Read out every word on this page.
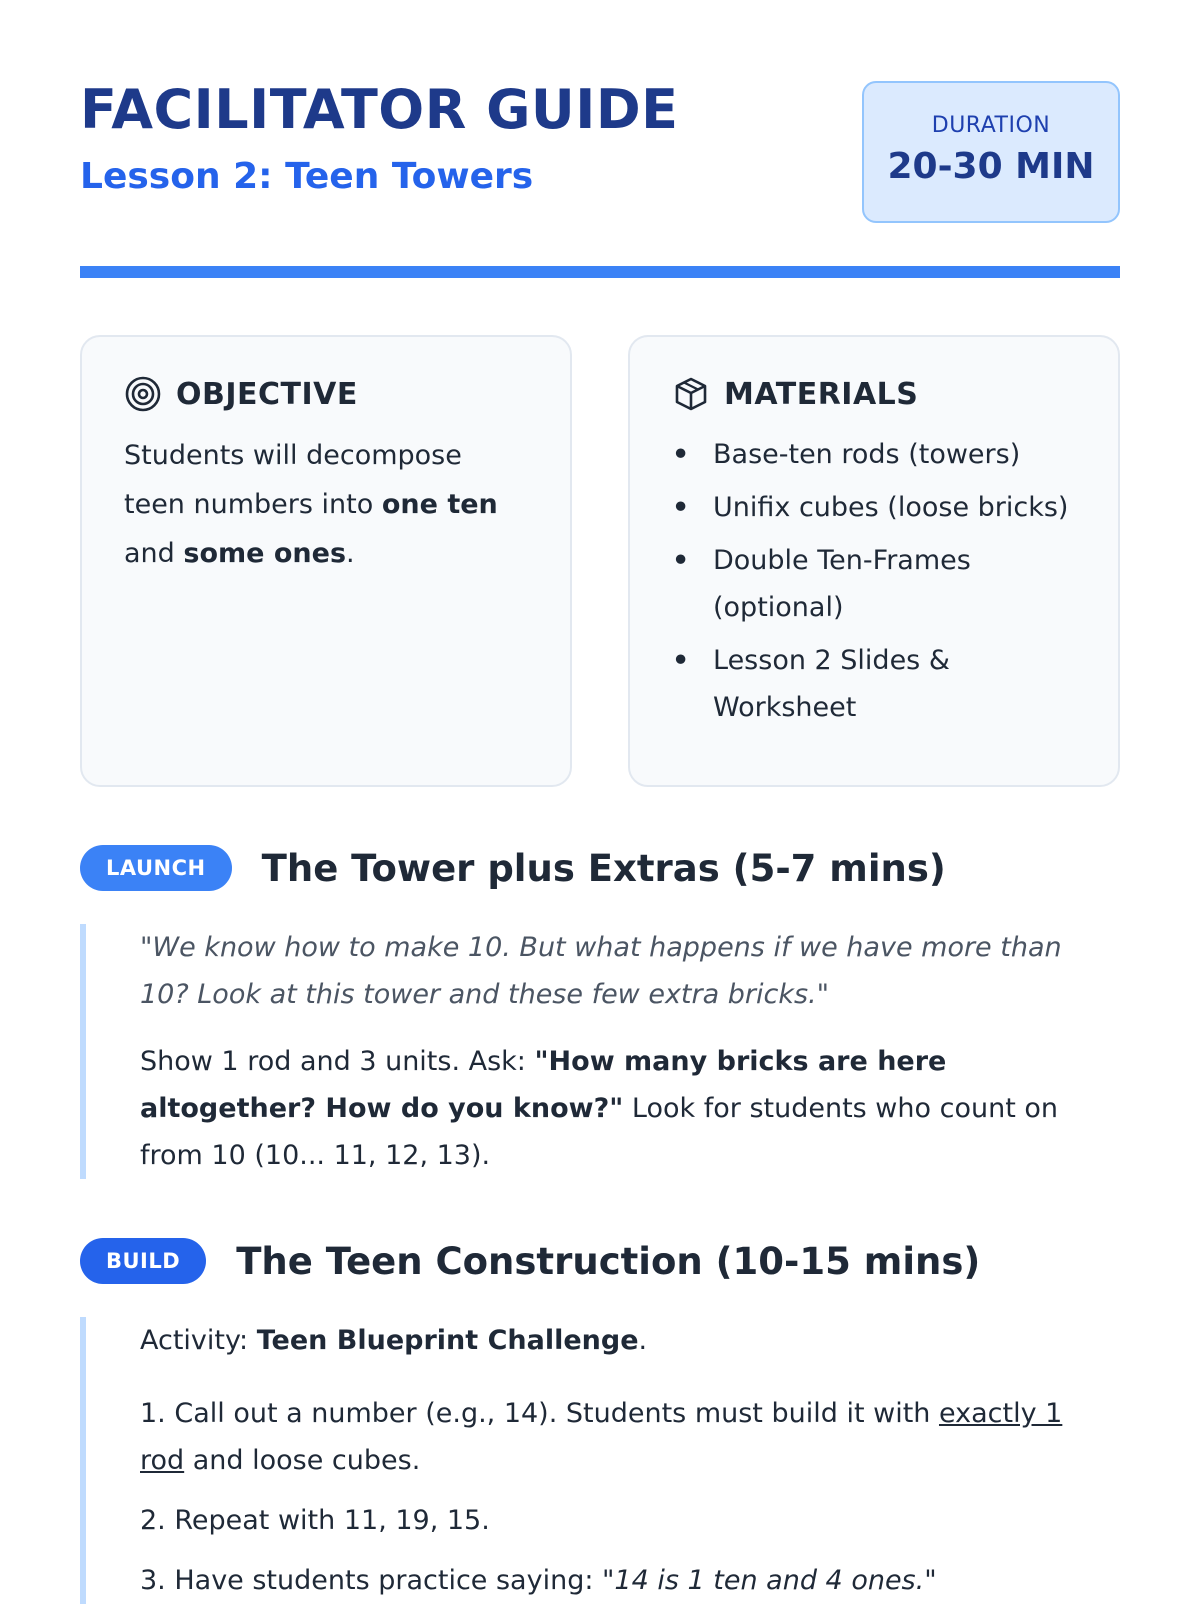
FACILITATOR GUIDE
Lesson 2: Teen Towers
DURATION
20-30 MIN
OBJECTIVE

Students will decompose teen numbers into one ten and some ones.

MATERIALS
• Base-ten rods (towers)
• Unifix cubes (loose bricks)
• Double Ten-Frames (optional)
• Lesson 2 Slides & Worksheet
LAUNCH	The Tower plus Extras (5-7 mins)

"We know how to make 10. But what happens if we have more than 10? Look at this tower and these few extra bricks."

Show 1 rod and 3 units. Ask: "How many bricks are here altogether? How do you know?" Look for students who count on from 10 (10... 11, 12, 13).

BUILD	The Teen Construction (10-15 mins)

Activity: Teen Blueprint Challenge.

1. Call out a number (e.g., 14). Students must build it with exactly 1 rod and loose cubes.

2. Repeat with 11, 19, 15.

3. Have students practice saying: "14 is 1 ten and 4 ones."
